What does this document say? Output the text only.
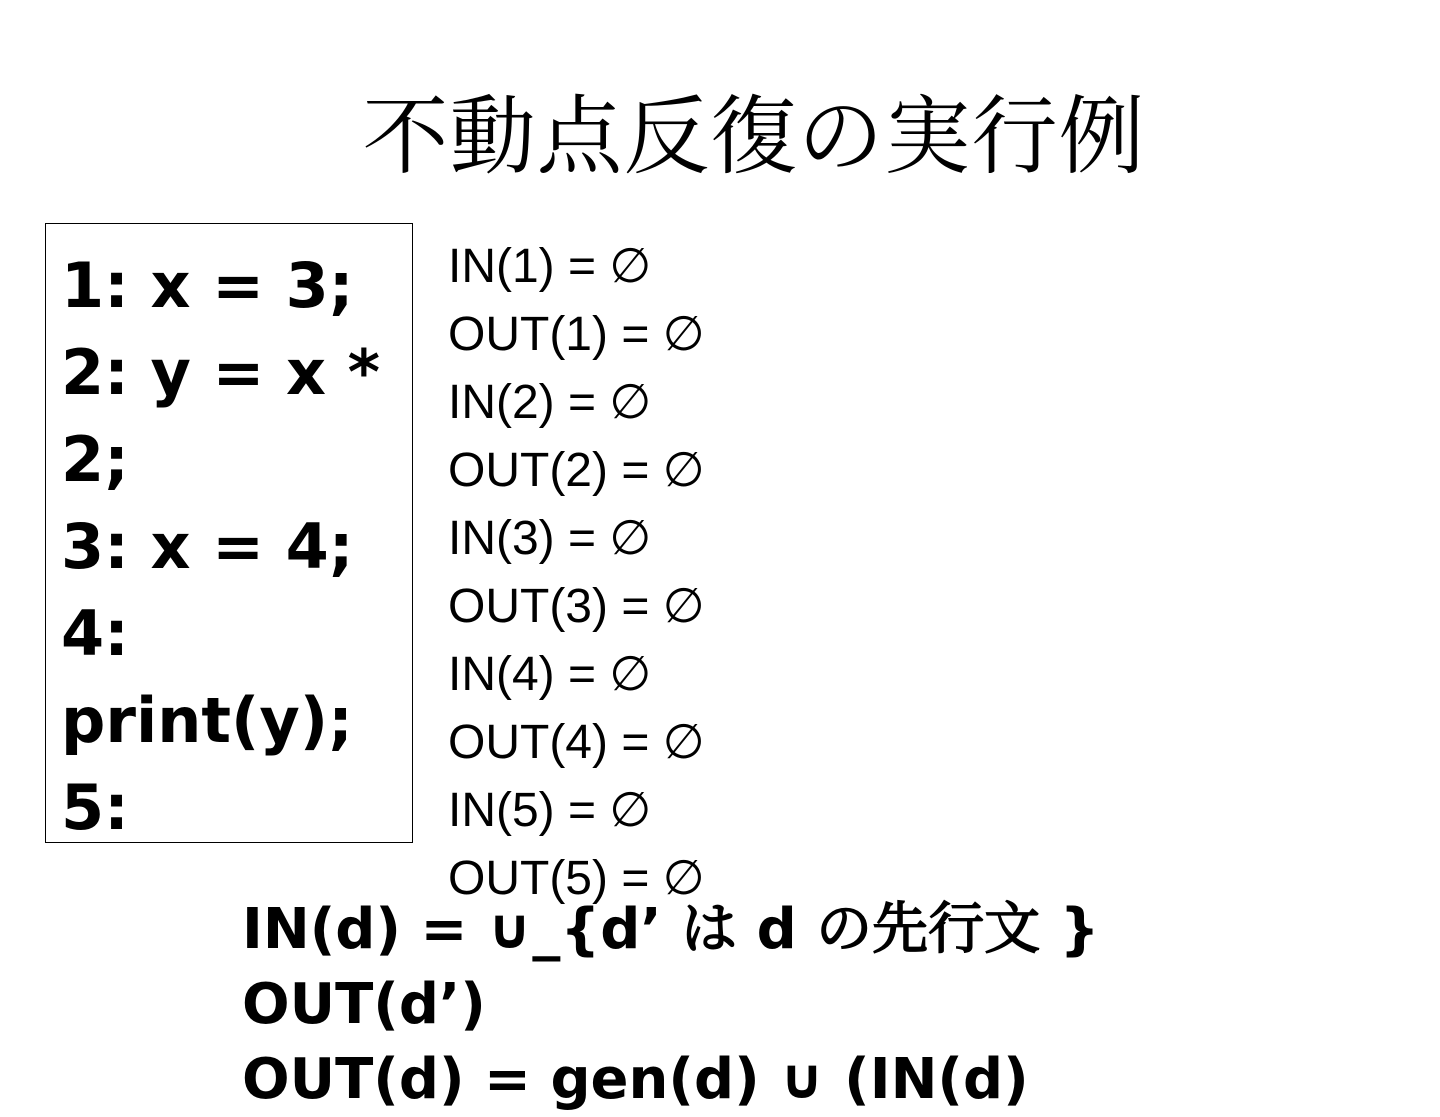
不動点反復の実行例
1: x = 3;
2: y = x *
2;
3: x = 4;
4:
print(y);
5:
IN(1) = ∅
OUT(1) = ∅
IN(2) = ∅
OUT(2) = ∅
IN(3) = ∅
OUT(3) = ∅
IN(4) = ∅
OUT(4) = ∅
IN(5) = ∅
OUT(5) = ∅
IN(d) = ∪_{d’ は d の先行文 }
OUT(d’)
OUT(d) = gen(d) ∪ (IN(d)
